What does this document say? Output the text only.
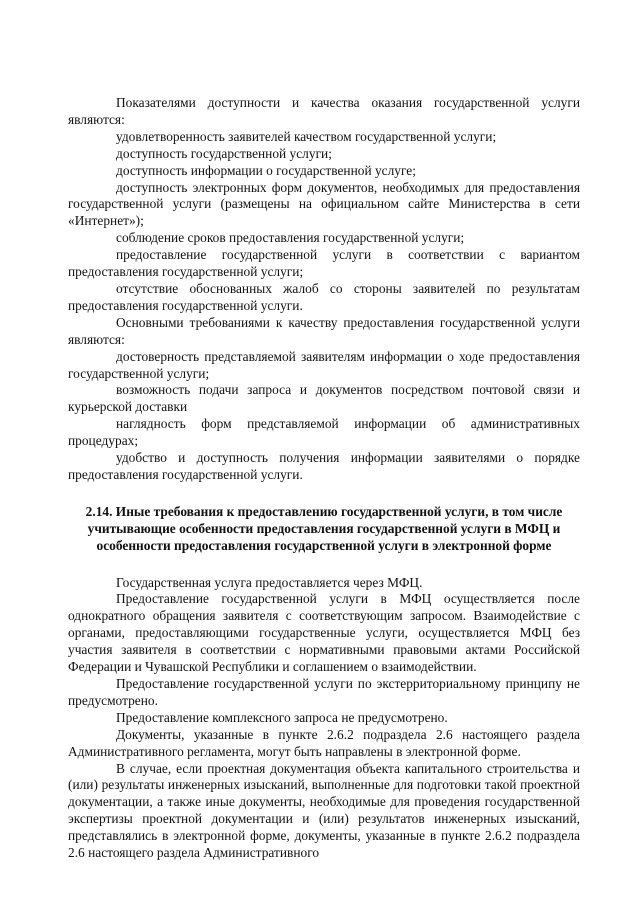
Показателями доступности и качества оказания государственной услуги являются:

удовлетворенность заявителей качеством государственной услуги;

доступность государственной услуги;

доступность информации о государственной услуге;

доступность электронных форм документов, необходимых для предоставления государственной услуги (размещены на официальном сайте Министерства в сети «Интернет»);

соблюдение сроков предоставления государственной услуги;

предоставление государственной услуги в соответствии с вариантом предоставления государственной услуги;

отсутствие обоснованных жалоб со стороны заявителей по результатам предоставления государственной услуги.

Основными требованиями к качеству предоставления государственной услуги являются:

достоверность представляемой заявителям информации о ходе предоставления государственной услуги;

возможность подачи запроса и документов посредством почтовой связи и курьерской доставки

наглядность форм представляемой информации об административных процедурах;

удобство и доступность получения информации заявителями о порядке предоставления государственной услуги.

2.14. Иные требования к предоставлению государственной услуги, в том числе учитывающие особенности предоставления государственной услуги в МФЦ и особенности предоставления государственной услуги в электронной форме

Государственная услуга предоставляется через МФЦ.

Предоставление государственной услуги в МФЦ осуществляется после однократного обращения заявителя с соответствующим запросом. Взаимодействие с органами, предоставляющими государственные услуги, осуществляется МФЦ без участия заявителя в соответствии с нормативными правовыми актами Российской Федерации и Чувашской Республики и соглашением о взаимодействии.

Предоставление государственной услуги по экстерриториальному принципу не предусмотрено.

Предоставление комплексного запроса не предусмотрено.

Документы, указанные в пункте 2.6.2 подраздела 2.6 настоящего раздела Административного регламента, могут быть направлены в электронной форме.

В случае, если проектная документация объекта капитального строительства и (или) результаты инженерных изысканий, выполненные для подготовки такой проектной документации, а также иные документы, необходимые для проведения государственной экспертизы проектной документации и (или) результатов инженерных изысканий, представлялись в электронной форме, документы, указанные в пункте 2.6.2 подраздела 2.6 настоящего раздела Административного
